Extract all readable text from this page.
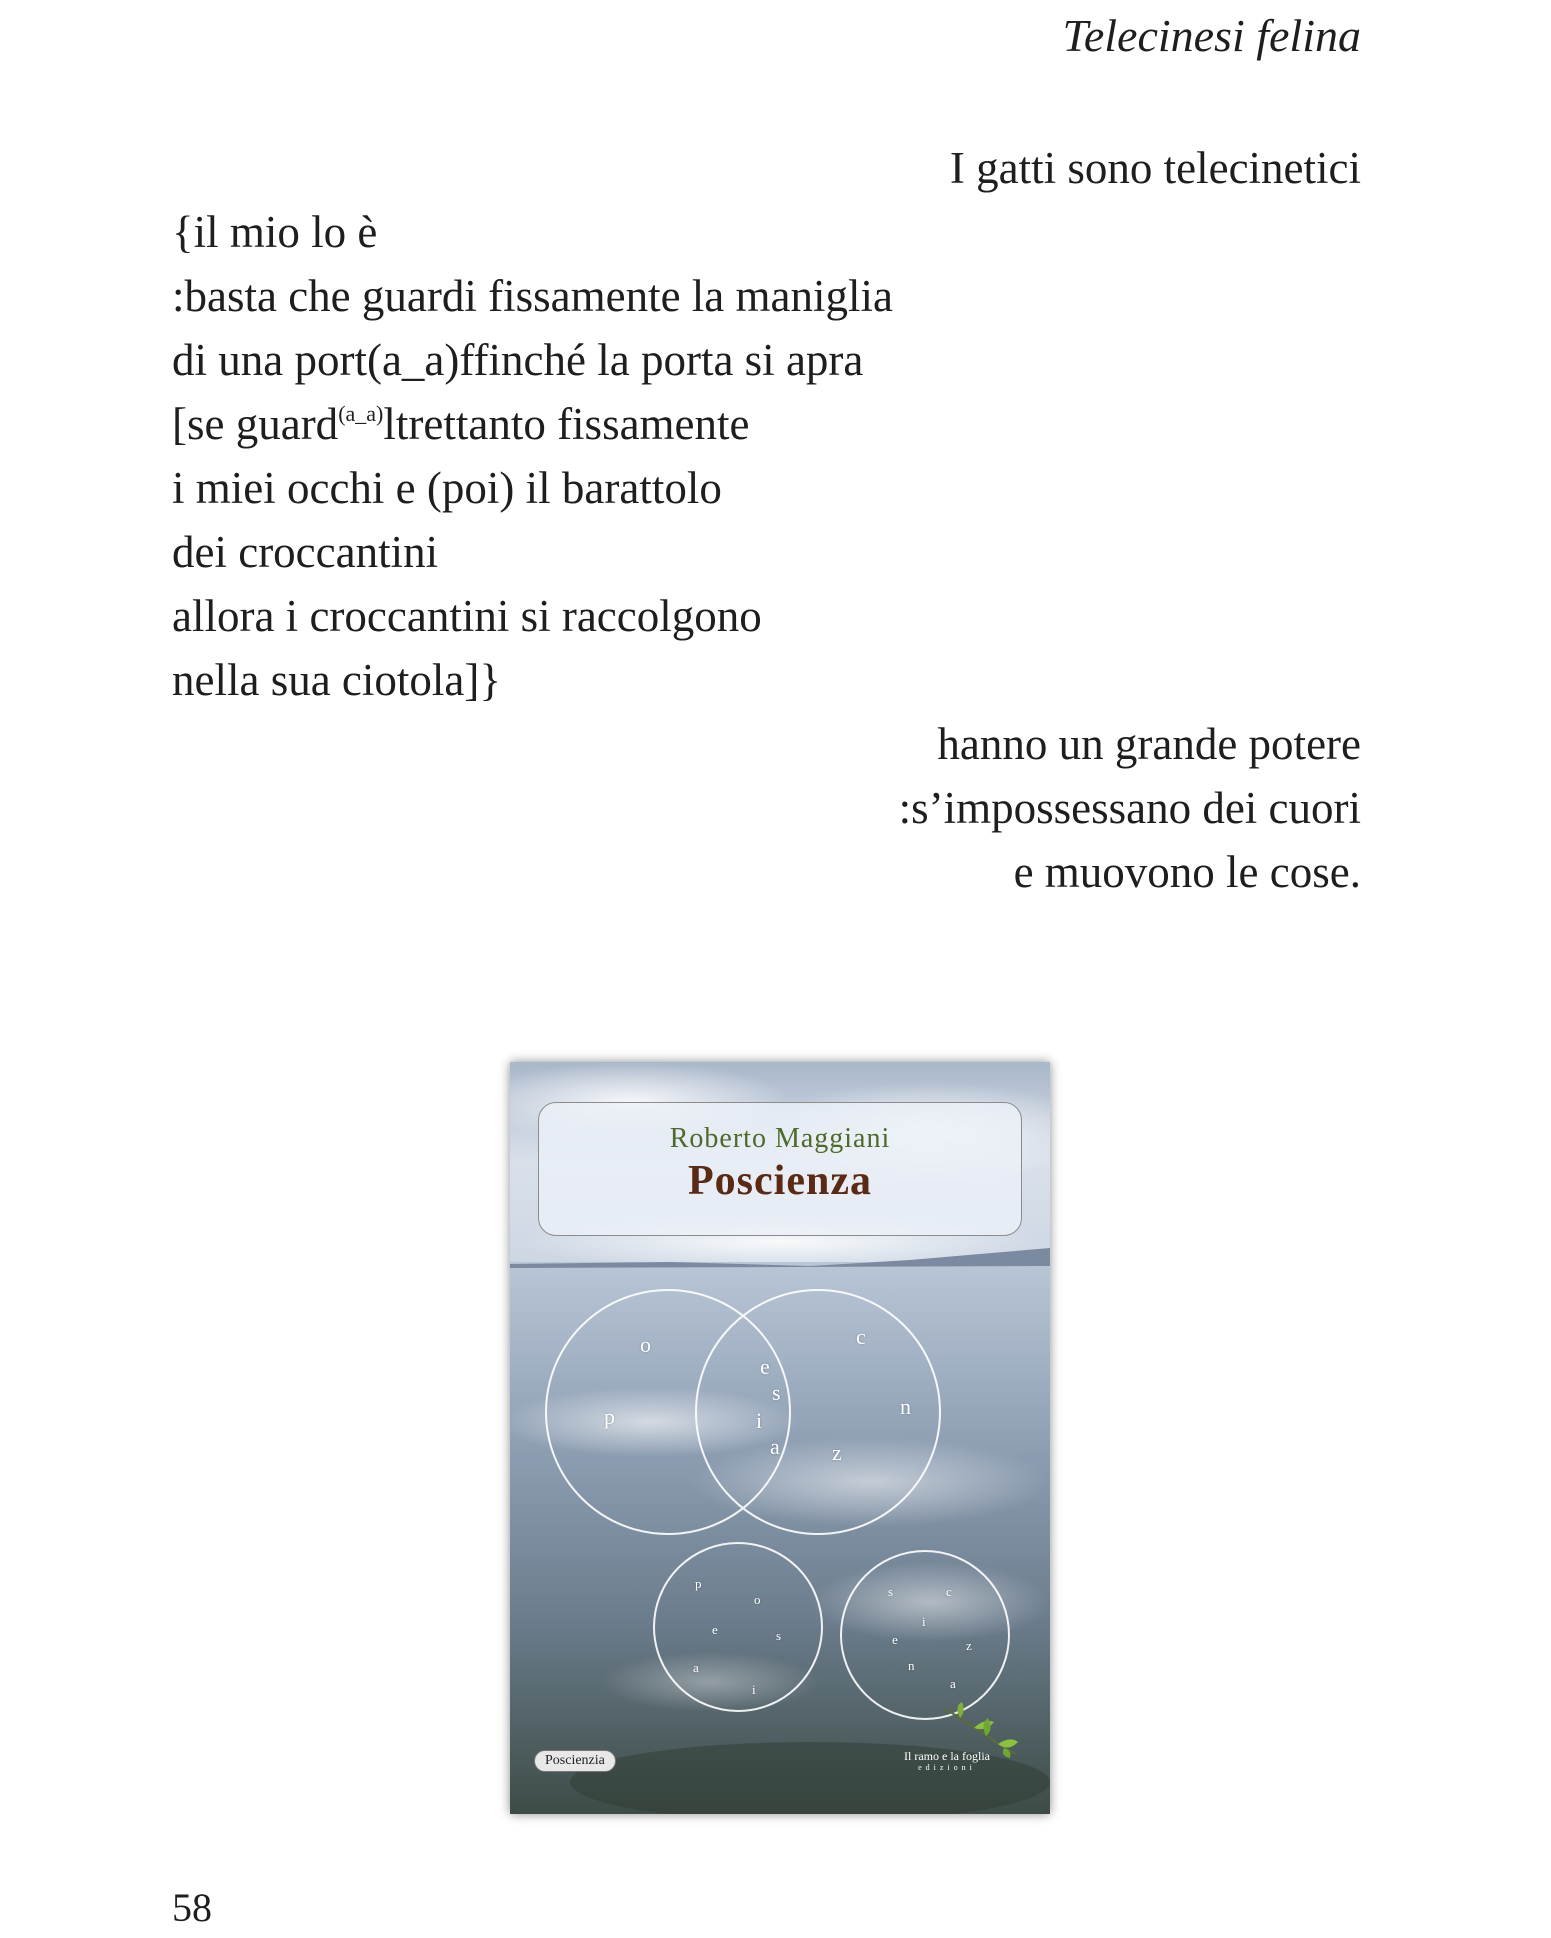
Telecinesi felina
I gatti sono telecinetici
{il mio lo è
:basta che guardi fissamente la maniglia
di una port(a_a)ffinché la porta si apra
[se guard$^{(a\_a)}$ltrettanto fissamente
i miei occhi e (poi) il barattolo
dei croccantini
allora i croccantini si raccolgono
nella sua ciotola]}
hanno un grande potere
:s’impossessano dei cuori
e muovono le cose.
Roberto Maggiani
Poscienza
o
p
e
s
i
a
c
n
z
p
o
e	s
a
i
s	c
i
e	z
n
a
Poscienzia	Il ramo e la foglia
edizioni
58
